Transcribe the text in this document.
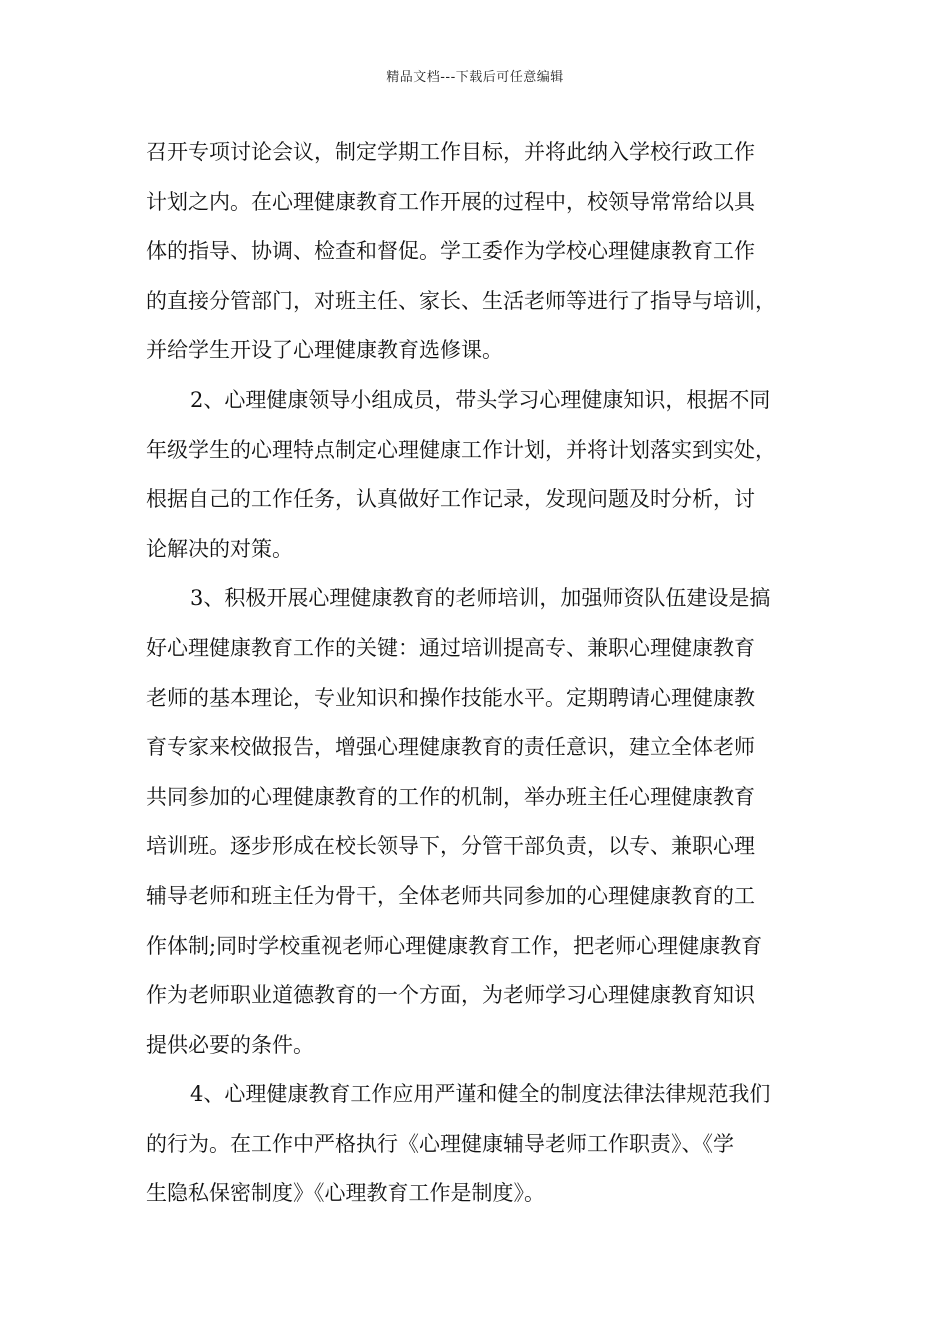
精品文档---下载后可任意编辑
召开专项讨论会议，制定学期工作目标，并将此纳入学校行政工作
计划之内。在心理健康教育工作开展的过程中，校领导常常给以具
体的指导、协调、检查和督促。学工委作为学校心理健康教育工作
的直接分管部门，对班主任、家长、生活老师等进行了指导与培训，
并给学生开设了心理健康教育选修课。
2、心理健康领导小组成员，带头学习心理健康知识，根据不同
年级学生的心理特点制定心理健康工作计划，并将计划落实到实处，
根据自己的工作任务，认真做好工作记录，发现问题及时分析，讨
论解决的对策。
3、积极开展心理健康教育的老师培训，加强师资队伍建设是搞
好心理健康教育工作的关键：通过培训提高专、兼职心理健康教育
老师的基本理论，专业知识和操作技能水平。定期聘请心理健康教
育专家来校做报告，增强心理健康教育的责任意识，建立全体老师
共同参加的心理健康教育的工作的机制，举办班主任心理健康教育
培训班。逐步形成在校长领导下，分管干部负责，以专、兼职心理
辅导老师和班主任为骨干，全体老师共同参加的心理健康教育的工
作体制;同时学校重视老师心理健康教育工作，把老师心理健康教育
作为老师职业道德教育的一个方面，为老师学习心理健康教育知识
提供必要的条件。
4、心理健康教育工作应用严谨和健全的制度法律法律规范我们
的行为。在工作中严格执行《心理健康辅导老师工作职责》、《学
生隐私保密制度》《心理教育工作是制度》。
